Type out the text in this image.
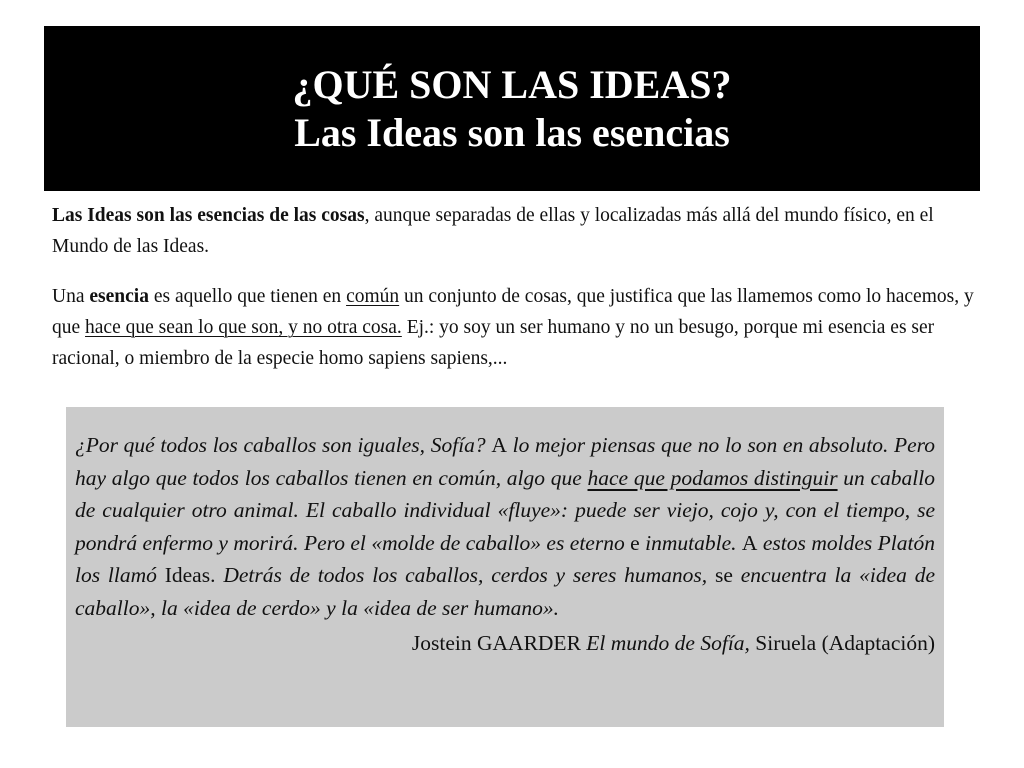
¿QUÉ SON LAS IDEAS?
Las Ideas son las esencias

Las Ideas son las esencias de las cosas, aunque separadas de ellas y localizadas más allá del mundo físico, en el Mundo de las Ideas.

Una esencia es aquello que tienen en común un conjunto de cosas, que justifica que las llamemos como lo hacemos, y que hace que sean lo que son, y no otra cosa. Ej.: yo soy un ser humano y no un besugo, porque mi esencia es ser racional, o miembro de la especie homo sapiens sapiens,...

¿Por qué todos los caballos son iguales, Sofía? A lo mejor piensas que no lo son en absoluto. Pero hay algo que todos los caballos tienen en común, algo que hace que podamos distinguir un caballo de cualquier otro animal. El caballo individual «fluye»: puede ser viejo, cojo y, con el tiempo, se pondrá enfermo y morirá. Pero el «molde de caballo» es eterno e inmutable. A estos moldes Platón los llamó Ideas. Detrás de todos los caballos, cerdos y seres humanos, se encuentra la «idea de caballo», la «idea de cerdo» y la «idea de ser humano».

Jostein GAARDER El mundo de Sofía, Siruela (Adaptación)
